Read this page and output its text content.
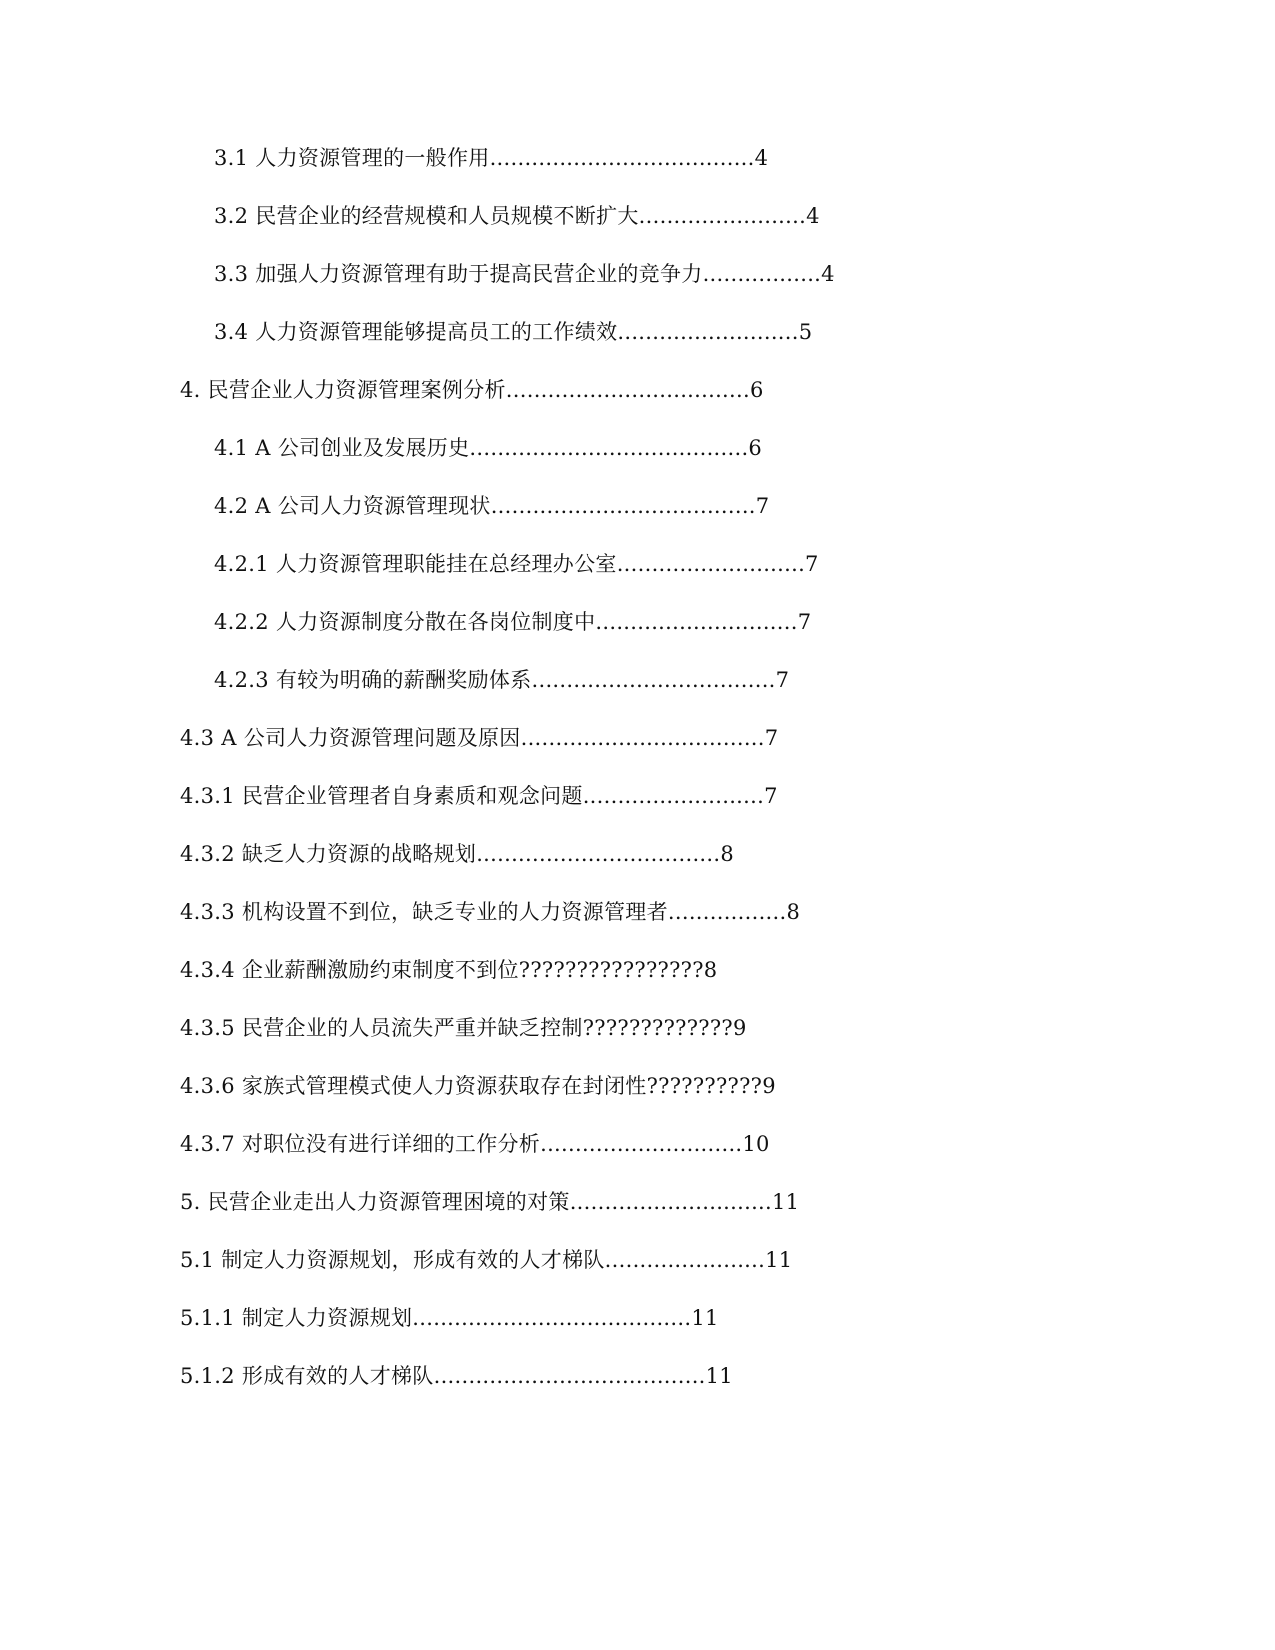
3.1 人力资源管理的一般作用......................................4
3.2 民营企业的经营规模和人员规模不断扩大........................4
3.3 加强人力资源管理有助于提高民营企业的竞争力.................4
3.4 人力资源管理能够提高员工的工作绩效..........................5
4. 民营企业人力资源管理案例分析...................................6
4.1 A 公司创业及发展历史........................................6
4.2 A 公司人力资源管理现状......................................7
4.2.1 人力资源管理职能挂在总经理办公室...........................7
4.2.2 人力资源制度分散在各岗位制度中.............................7
4.2.3 有较为明确的薪酬奖励体系...................................7
4.3 A 公司人力资源管理问题及原因...................................7
4.3.1 民营企业管理者自身素质和观念问题..........................7
4.3.2 缺乏人力资源的战略规划...................................8
4.3.3 机构设置不到位，缺乏专业的人力资源管理者.................8
4.3.4 企业薪酬激励约束制度不到位????????????????8
4.3.5 民营企业的人员流失严重并缺乏控制?????????????9
4.3.6 家族式管理模式使人力资源获取存在封闭性??????????9
4.3.7 对职位没有进行详细的工作分析.............................10
5. 民营企业走出人力资源管理困境的对策.............................11
5.1 制定人力资源规划，形成有效的人才梯队.......................11
5.1.1 制定人力资源规划........................................11
5.1.2 形成有效的人才梯队.......................................11
